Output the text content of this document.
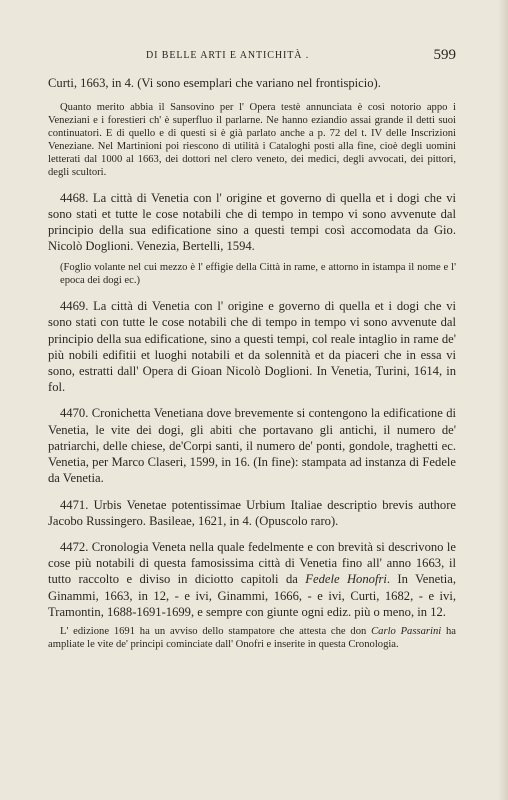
DI BELLE ARTI E ANTICHITÀ .	599

Curti, 1663, in 4. (Vi sono esemplari che variano nel frontispicio).

Quanto merito abbia il Sansovino per l' Opera testè annunciata è così notorio appo i Veneziani e i forestieri ch' è superfluo il parlarne. Ne hanno eziandio assai grande il detti suoi continuatori. E di quello e di questi si è già parlato anche a p. 72 del t. IV delle Inscrizioni Veneziane. Nel Martinioni poi riescono di utilità i Cataloghi posti alla fine, cioè degli uomini letterati dal 1000 al 1663, dei dottori nel clero veneto, dei medici, degli avvocati, dei pittori, degli scultori.

4468. La città di Venetia con l' origine et governo di quella et i dogi che vi sono stati et tutte le cose notabili che di tempo in tempo vi sono avvenute dal principio della sua edificatione sino a questi tempi così accomodata da Gio. Nicolò Doglioni. Venezia, Bertelli, 1594.

(Foglio volante nel cui mezzo è l' effigie della Città in rame, e attorno in istampa il nome e l' epoca dei dogi ec.)

4469. La città di Venetia con l' origine e governo di quella et i dogi che vi sono stati con tutte le cose notabili che di tempo in tempo vi sono avvenute dal principio della sua edificatione, sino a questi tempi, col reale intaglio in rame de' più nobili edifitii et luoghi notabili et da solennità et da piaceri che in essa vi sono, estratti dall' Opera di Gioan Nicolò Doglioni. In Venetia, Turini, 1614, in fol.

4470. Cronichetta Venetiana dove brevemente si contengono la edificatione di Venetia, le vite dei dogi, gli abiti che portavano gli antichi, il numero de' patriarchi, delle chiese, de'Corpi santi, il numero de' ponti, gondole, traghetti ec. Venetia, per Marco Claseri, 1599, in 16. (In fine): stampata ad instanza di Fedele da Venetia.

4471. Urbis Venetae potentissimae Urbium Italiae descriptio brevis authore Jacobo Russingero. Basileae, 1621, in 4. (Opuscolo raro).

4472. Cronologia Veneta nella quale fedelmente e con brevità si descrivono le cose più notabili di questa famosissima città di Venetia fino all' anno 1663, il tutto raccolto e diviso in diciotto capitoli da Fedele Honofri. In Venetia, Ginammi, 1663, in 12, - e ivi, Ginammi, 1666, - e ivi, Curti, 1682, - e ivi, Tramontin, 1688-1691-1699, e sempre con giunte ogni ediz. più o meno, in 12.

L' edizione 1691 ha un avviso dello stampatore che attesta che don Carlo Passarini ha ampliate le vite de' principi cominciate dall' Onofri e inserite in questa Cronologia.
